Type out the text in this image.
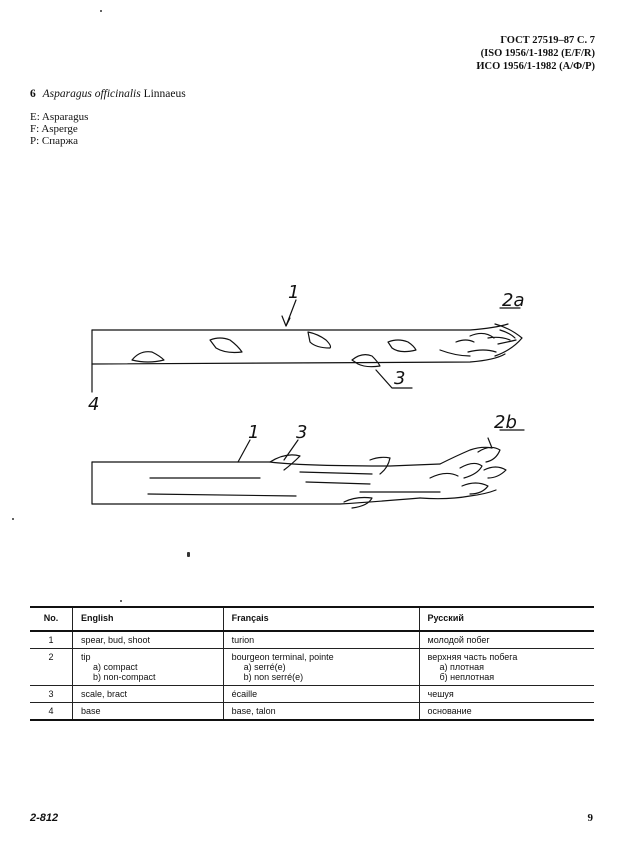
ГОСТ 27519–87 С. 7
(ISO 1956/1-1982 (E/F/R)
ИСО 1956/1-1982 (А/Ф/Р)
6 Asparagus officinalis Linnaeus
E: Asparagus
F: Asperge
P: Спаржа
1	2a
3
4
1 3	2b
No.	English	Français	Русский
1	spear, bud, shoot	turion	молодой побег
2	tip
a) compact
b) non-compact	bourgeon terminal, pointe
a) serré(e)
b) non serré(e)	верхняя часть побега
а) плотная
б) неплотная

3	scale, bract	écaille	чешуя
4	base	base, talon	основание
2-812	9
